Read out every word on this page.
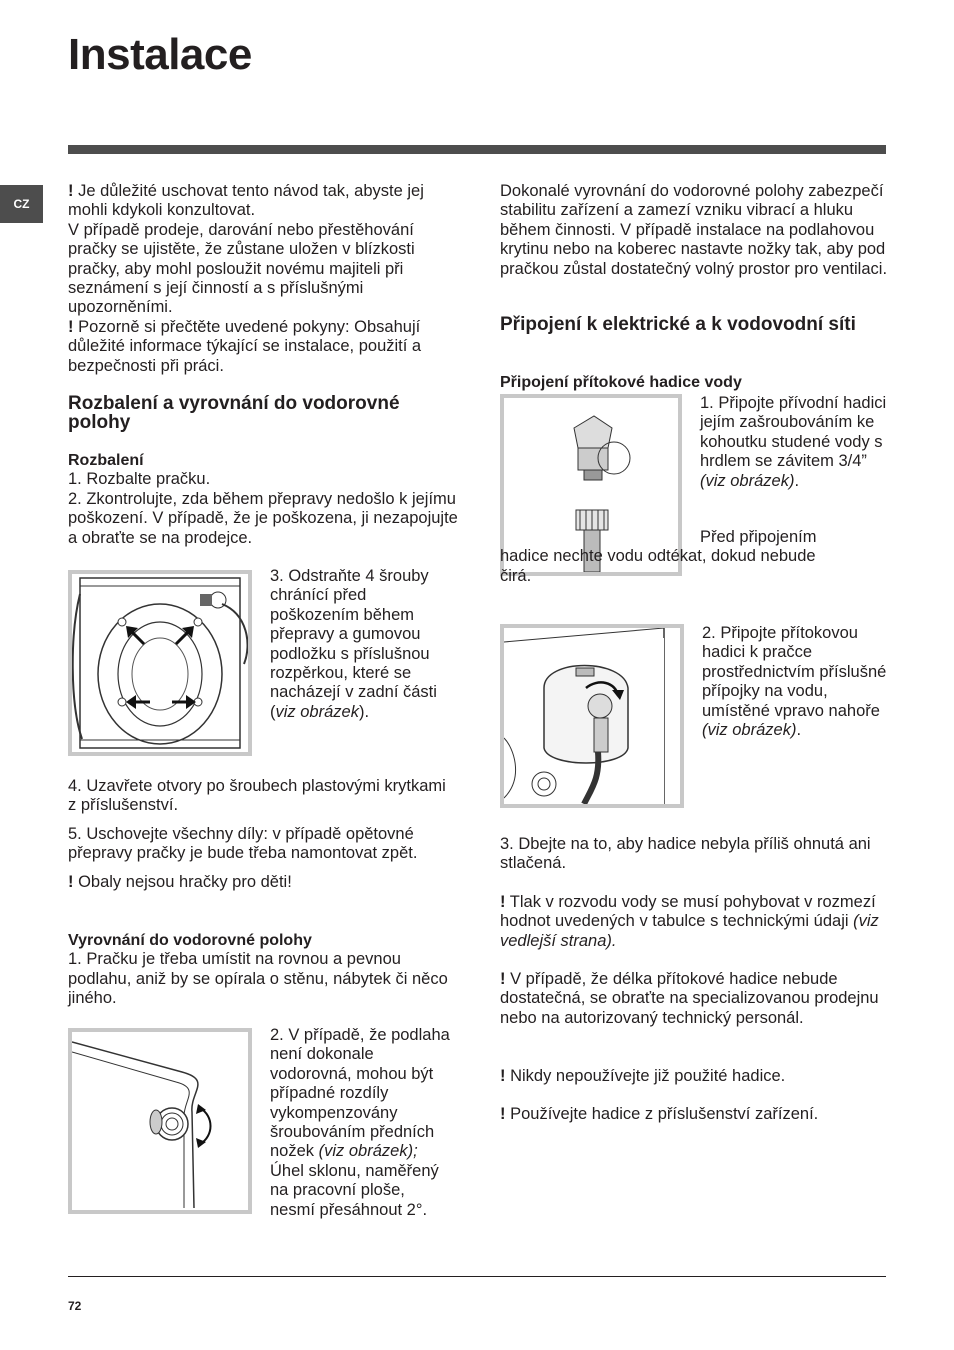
Instalace
CZ

! Je důležité uschovat tento návod tak, abyste jej mohli kdykoli konzultovat.

V případě prodeje, darování nebo přestěhování pračky se ujistěte, že zůstane uložen v blízkosti pračky, aby mohl posloužit novému majiteli při seznámení s její činností a s příslušnými upozorněními.

! Pozorně si přečtěte uvedené pokyny: Obsahují důležité informace týkající se instalace, použití a bezpečnosti při práci.

Rozbalení a vyrovnání do vodorovné polohy

Rozbalení

1. Rozbalte pračku.

2. Zkontrolujte, zda během přepravy nedošlo k jejímu poškození. V případě, že je poškozena, ji nezapojujte a obraťte se na prodejce.

3. Odstraňte 4 šrouby chránící před poškozením během přepravy a gumovou podložku s příslušnou rozpěrkou, které se nacházejí v zadní části (viz obrázek).

4. Uzavřete otvory po šroubech plastovými krytkami z příslušenství.

5. Uschovejte všechny díly: v případě opětovné přepravy pračky je bude třeba namontovat zpět.

! Obaly nejsou hračky pro děti!

Vyrovnání do vodorovné polohy

1. Pračku je třeba umístit na rovnou a pevnou podlahu, aniž by se opírala o stěnu, nábytek či něco jiného.

2. V případě, že podlaha není dokonale vodorovná, mohou být případné rozdíly vykompenzovány šroubováním předních nožek (viz obrázek); Úhel sklonu, naměřený na pracovní ploše, nesmí přesáhnout 2°.
Dokonalé vyrovnání do vodorovné polohy zabezpečí stabilitu zařízení a zamezí vzniku vibrací a hluku během činnosti. V případě instalace na podlahovou krytinu nebo na koberec nastavte nožky tak, aby pod pračkou zůstal dostatečný volný prostor pro ventilaci.
Připojení k elektrické a k vodovodní síti
Připojení přítokové hadice vody
1. Připojte přívodní hadici jejím zašroubováním ke kohoutku studené vody s hrdlem se závitem 3/4” (viz obrázek).
Před připojením hadice nechte vodu odtékat, dokud nebude čirá.
2. Připojte přítokovou hadici k pračce prostřednictvím příslušné přípojky na vodu, umístěné vpravo nahoře (viz obrázek).
3. Dbejte na to, aby hadice nebyla příliš ohnutá ani stlačená.
! Tlak v rozvodu vody se musí pohybovat v rozmezí hodnot uvedených v tabulce s technickými údaji (viz vedlejší strana).
! V případě, že délka přítokové hadice nebude dostatečná, se obraťte na specializovanou prodejnu nebo na autorizovaný technický personál.
! Nikdy nepoužívejte již použité hadice.
! Používejte hadice z příslušenství zařízení.
72
